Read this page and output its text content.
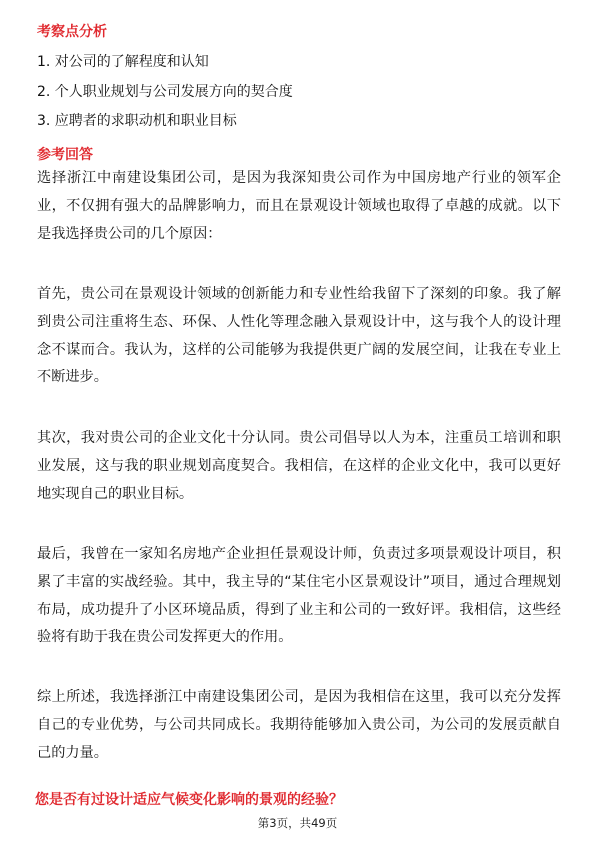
考察点分析
1. 对公司的了解程度和认知
2. 个人职业规划与公司发展方向的契合度
3. 应聘者的求职动机和职业目标
参考回答
选择浙江中南建设集团公司，是因为我深知贵公司作为中国房地产行业的领军企业，不仅拥有强大的品牌影响力，而且在景观设计领域也取得了卓越的成就。以下是我选择贵公司的几个原因：
首先，贵公司在景观设计领域的创新能力和专业性给我留下了深刻的印象。我了解到贵公司注重将生态、环保、人性化等理念融入景观设计中，这与我个人的设计理念不谋而合。我认为，这样的公司能够为我提供更广阔的发展空间，让我在专业上不断进步。
其次，我对贵公司的企业文化十分认同。贵公司倡导以人为本，注重员工培训和职业发展，这与我的职业规划高度契合。我相信，在这样的企业文化中，我可以更好地实现自己的职业目标。
最后，我曾在一家知名房地产企业担任景观设计师，负责过多项景观设计项目，积累了丰富的实战经验。其中，我主导的“某住宅小区景观设计”项目，通过合理规划布局，成功提升了小区环境品质，得到了业主和公司的一致好评。我相信，这些经验将有助于我在贵公司发挥更大的作用。
综上所述，我选择浙江中南建设集团公司，是因为我相信在这里，我可以充分发挥自己的专业优势，与公司共同成长。我期待能够加入贵公司，为公司的发展贡献自己的力量。
您是否有过设计适应气候变化影响的景观的经验？
第3页，共49页
